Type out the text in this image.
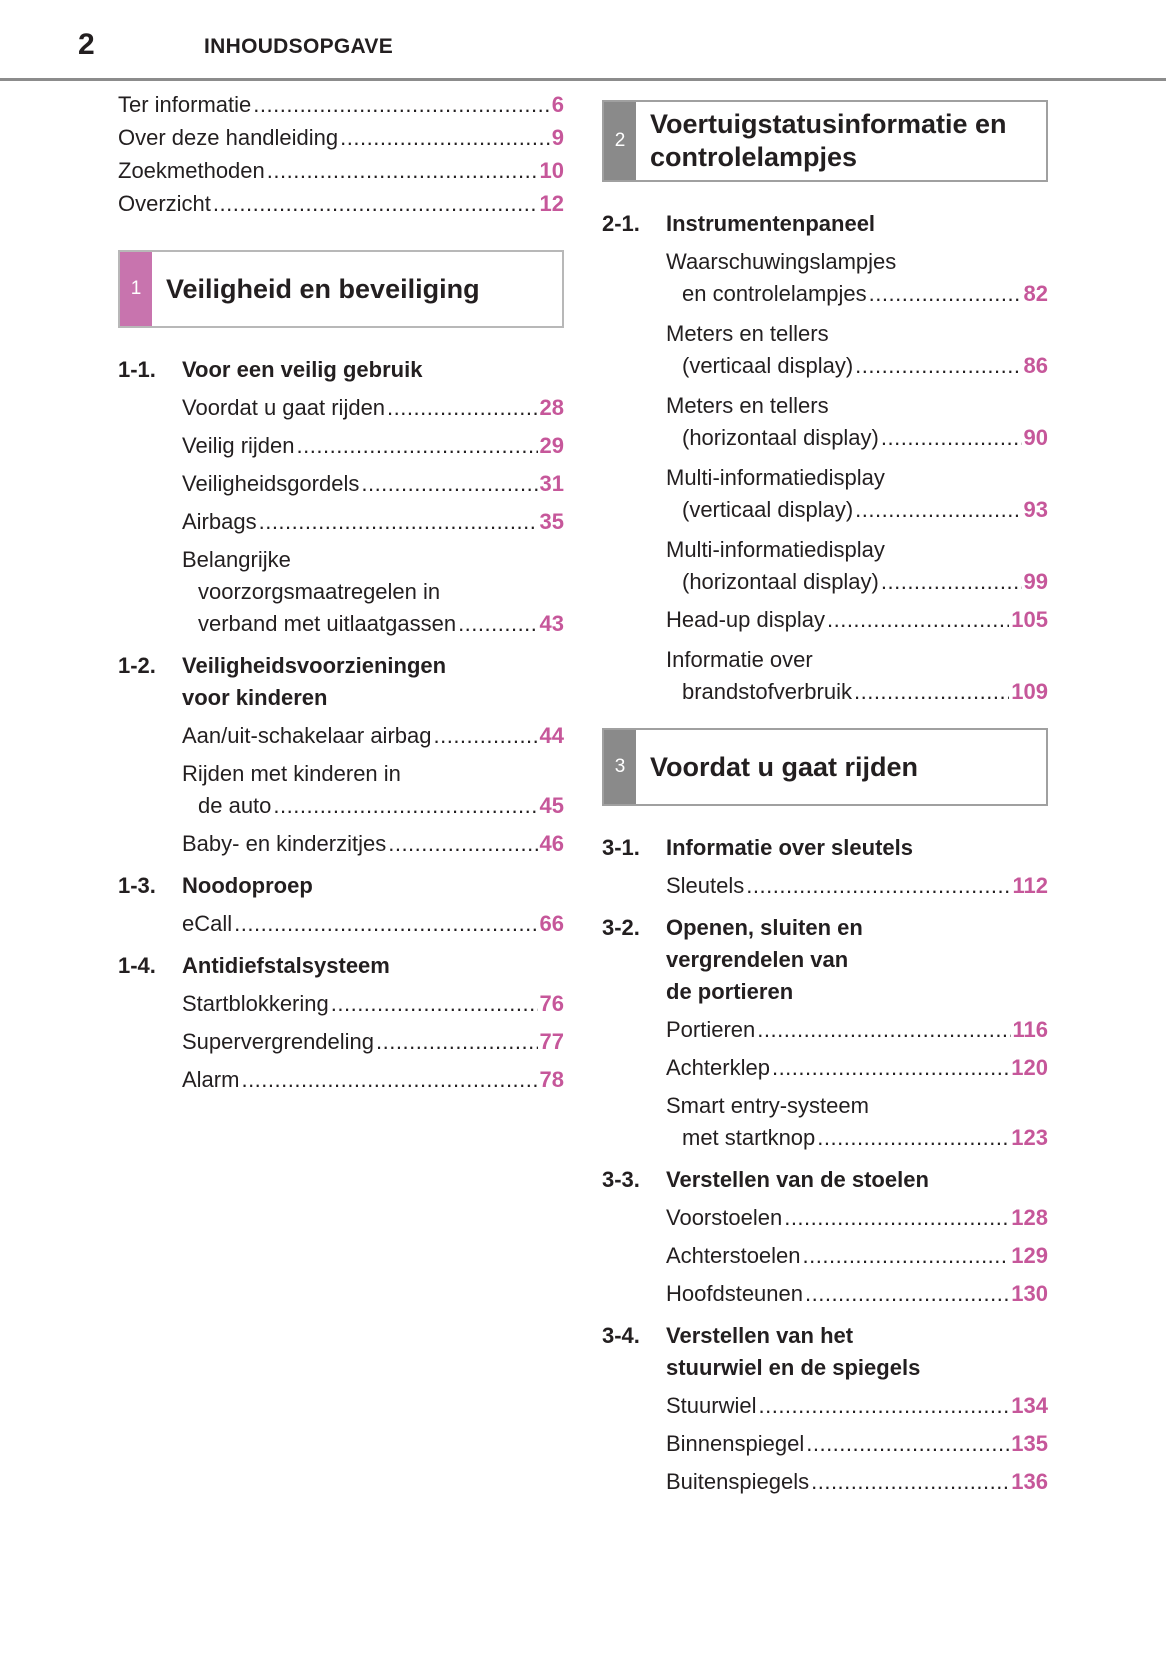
2	INHOUDSOPGAVE
Ter informatie .....	6
Over deze handleiding .....	9
Zoekmethoden .....	10
Overzicht .....	12
1 Veiligheid en beveiliging
1-1.	Voor een veilig gebruik
Voordat u gaat rijden .....	28
Veilig rijden .....	29
Veiligheidsgordels .....	31
Airbags .....	35
Belangrijke
voorzorgsmaatregelen in
verband met uitlaatgassen .....	43
1-2.	Veiligheidsvoorzieningen
voor kinderen
Aan/uit-schakelaar airbag .....	44
Rijden met kinderen in
de auto .....	45
Baby- en kinderzitjes .....	46
1-3.	Noodoproep
eCall .....	66
1-4.	Antidiefstalsysteem
Startblokkering .....	76
Supervergrendeling .....	77
Alarm .....	78
2
Voertuigstatusinformatie en
controlelampjes
2-1.	Instrumentenpaneel
Waarschuwingslampjes
en controlelampjes .....	82
Meters en tellers
(verticaal display) .....	86
Meters en tellers
(horizontaal display) .....	90
Multi-informatiedisplay
(verticaal display) .....	93
Multi-informatiedisplay
(horizontaal display) .....	99
Head-up display .....	105
Informatie over
brandstofverbruik .....	109
3 Voordat u gaat rijden
3-1.	Informatie over sleutels
Sleutels .....	112
3-2.	Openen, sluiten en
vergrendelen van
de portieren
Portieren .....	116
Achterklep .....	120
Smart entry-systeem
met startknop .....	123
3-3.	Verstellen van de stoelen
Voorstoelen .....	128
Achterstoelen .....	129
Hoofdsteunen .....	130
3-4.	Verstellen van het
stuurwiel en de spiegels
Stuurwiel .....	134
Binnenspiegel .....	135
Buitenspiegels .....	136
